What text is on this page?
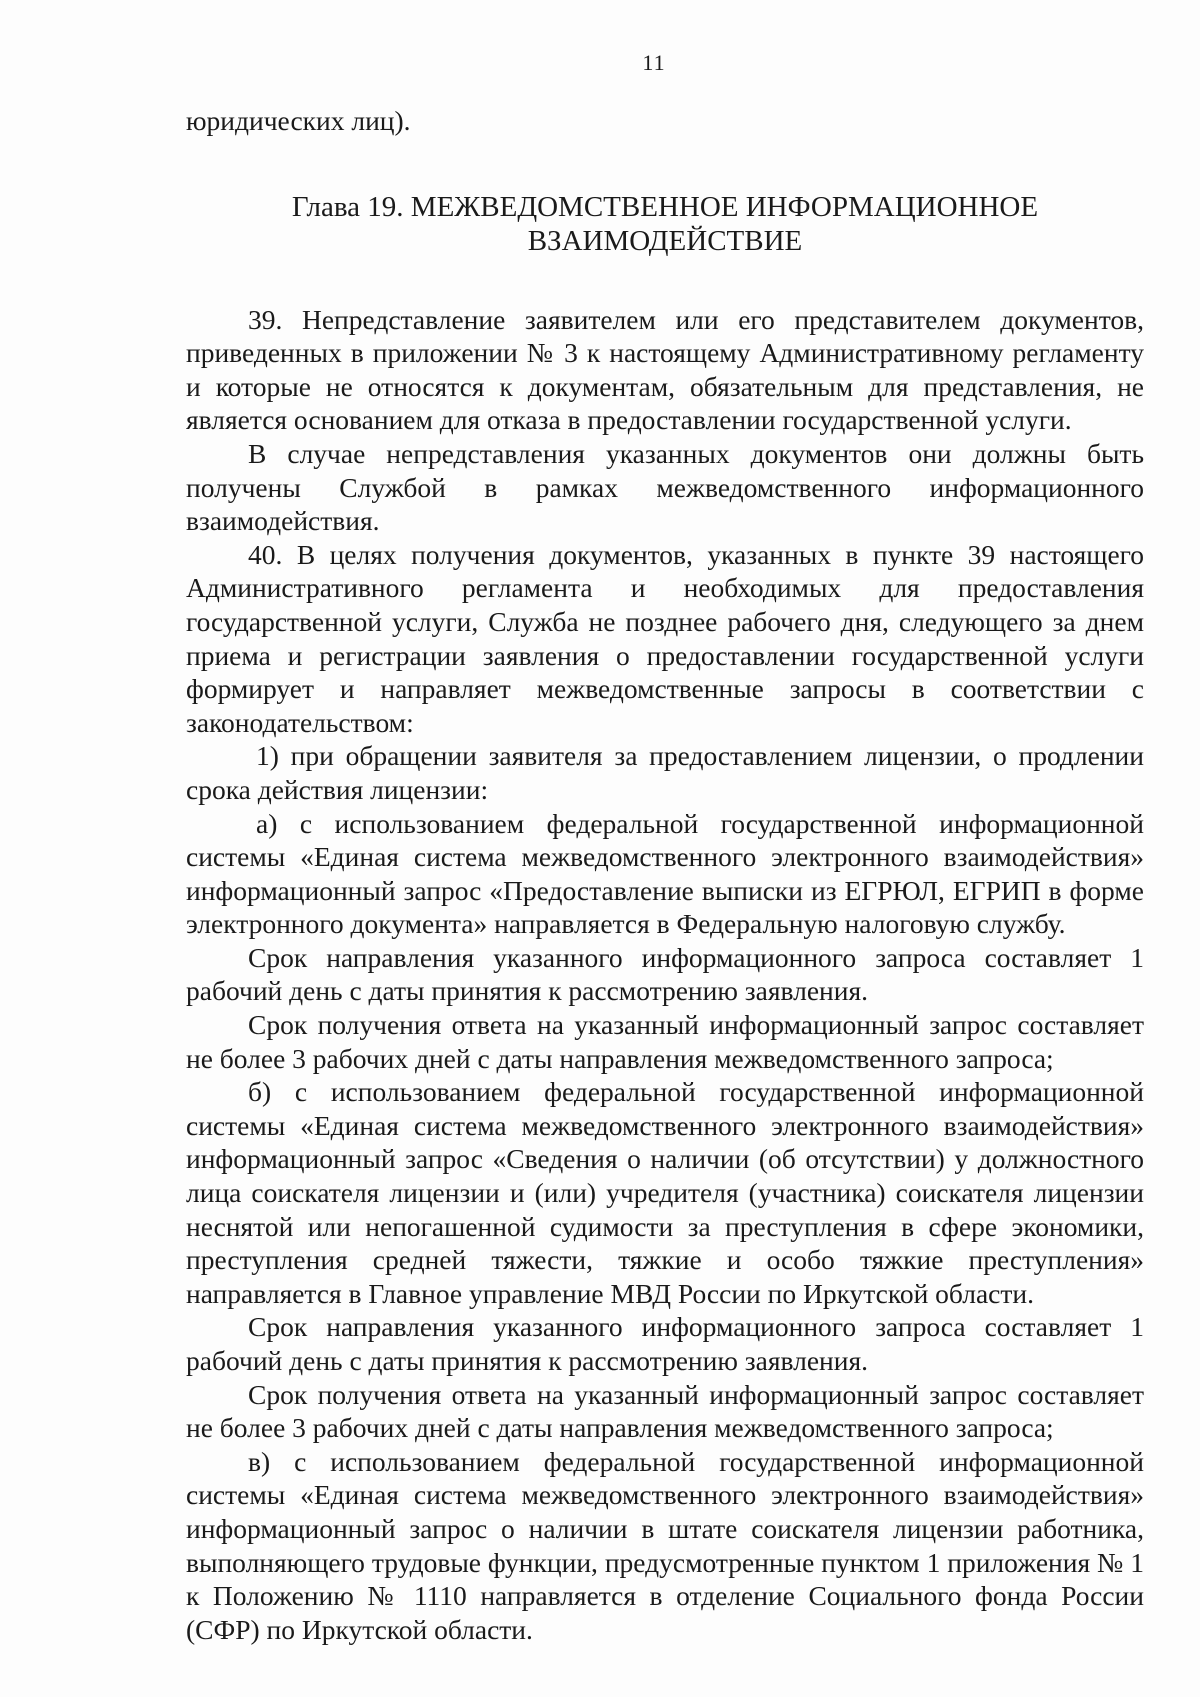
11

юридических лиц).

Глава 19. МЕЖВЕДОМСТВЕННОЕ ИНФОРМАЦИОННОЕ
ВЗАИМОДЕЙСТВИЕ

39. Непредставление заявителем или его представителем документов, приведенных в приложении № 3 к настоящему Административному регламенту и которые не относятся к документам, обязательным для представления, не является основанием для отказа в предоставлении государственной услуги.

В случае непредставления указанных документов они должны быть получены Службой в рамках межведомственного информационного взаимодействия.

40. В целях получения документов, указанных в пункте 39 настоящего Административного регламента и необходимых для предоставления государственной услуги, Служба не позднее рабочего дня, следующего за днем приема и регистрации заявления о предоставлении государственной услуги формирует и направляет межведомственные запросы в соответствии с законодательством:

1) при обращении заявителя за предоставлением лицензии, о продлении срока действия лицензии:

а) с использованием федеральной государственной информационной системы «Единая система межведомственного электронного взаимодействия» информационный запрос «Предоставление выписки из ЕГРЮЛ, ЕГРИП в форме электронного документа» направляется в Федеральную налоговую службу.

Срок направления указанного информационного запроса составляет 1 рабочий день с даты принятия к рассмотрению заявления.

Срок получения ответа на указанный информационный запрос составляет не более 3 рабочих дней с даты направления межведомственного запроса;

б) с использованием федеральной государственной информационной системы «Единая система межведомственного электронного взаимодействия» информационный запрос «Сведения о наличии (об отсутствии) у должностного лица соискателя лицензии и (или) учредителя (участника) соискателя лицензии неснятой или непогашенной судимости за преступления в сфере экономики, преступления средней тяжести, тяжкие и особо тяжкие преступления» направляется в Главное управление МВД России по Иркутской области.

Срок направления указанного информационного запроса составляет 1 рабочий день с даты принятия к рассмотрению заявления.

Срок получения ответа на указанный информационный запрос составляет не более 3 рабочих дней с даты направления межведомственного запроса;

в) с использованием федеральной государственной информационной системы «Единая система межведомственного электронного взаимодействия» информационный запрос о наличии в штате соискателя лицензии работника, выполняющего трудовые функции, предусмотренные пунктом 1 приложения № 1 к Положению № 1110 направляется в отделение Социального фонда России (СФР) по Иркутской области.
